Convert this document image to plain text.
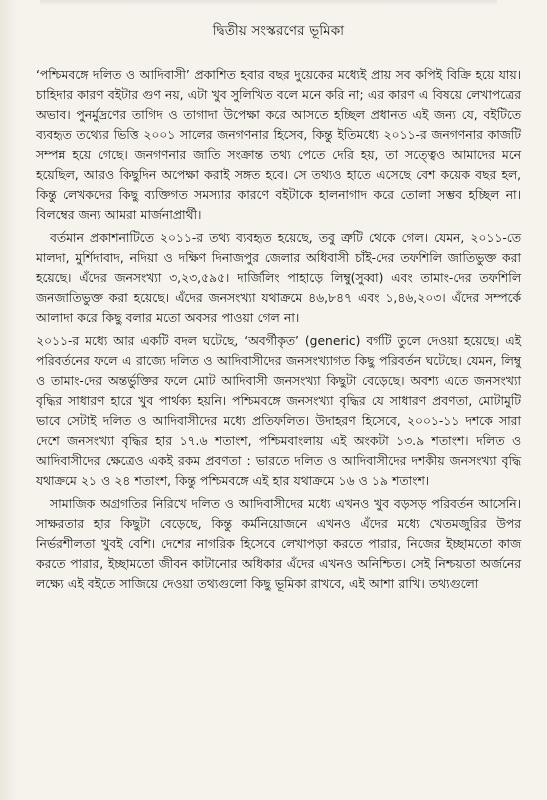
দ্বিতীয় সংস্করণের ভূমিকা

‘পশ্চিমবঙ্গে দলিত ও আদিবাসী’ প্রকাশিত হবার বছর দুয়েকের মধ্যেই প্রায় সব কপিই বিক্রি হয়ে যায়। চাহিদার কারণ বইটার গুণ নয়, এটা খুব সুলিখিত বলে মনে করি না; এর কারণ এ বিষয়ে লেখাপত্রের অভাব। পুনর্মুদ্রণের তাগিদ ও তাগাদা উপেক্ষা করে আসতে হচ্ছিল প্রধানত এই জন্য যে, বইটিতে ব্যবহৃত তথ্যের ভিত্তি ২০০১ সালের জনগণনার হিসেব, কিন্তু ইতিমধ্যে ২০১১-র জনগণনার কাজটি সম্পন্ন হয়ে গেছে। জনগণনার জাতি সংক্রান্ত তথ্য পেতে দেরি হয়, তা সত্ত্বেও আমাদের মনে হয়েছিল, আরও কিছুদিন অপেক্ষা করাই সঙ্গত হবে। সে তথ্যও হাতে এসেছে বেশ কয়েক বছর হল, কিন্তু লেখকদের কিছু ব্যক্তিগত সমস্যার কারণে বইটাকে হালনাগাদ করে তোলা সম্ভব হচ্ছিল না। বিলম্বের জন্য আমরা মার্জনাপ্রার্থী।

বর্তমান প্রকাশনাটিতে ২০১১-র তথ্য ব্যবহৃত হয়েছে, তবু ত্রুটি থেকে গেল। যেমন, ২০১১-তে মালদা, মুর্শিদাবাদ, নদিয়া ও দক্ষিণ দিনাজপুর জেলার অধিবাসী চাঁই-দের তফশিলি জাতিভুক্ত করা হয়েছে। এঁদের জনসংখ্যা ৩,২৩,৫৯৫। দার্জিলিং পাহাড়ে লিম্বু(সুব্বা) এবং তামাং-দের তফশিলি জনজাতিভুক্ত করা হয়েছে। এঁদের জনসংখ্যা যথাক্রমে ৪৬,৮৪৭ এবং ১,৪৬,২০৩। এঁদের সম্পর্কে আলাদা করে কিছু বলার মতো অবসর পাওয়া গেল না।

২০১১-র মধ্যে আর একটি বদল ঘটেছে, ‘অবর্গীকৃত’ (generic) বর্গটি তুলে দেওয়া হয়েছে। এই পরিবর্তনের ফলে এ রাজ্যে দলিত ও আদিবাসীদের জনসংখ্যাগত কিছু পরিবর্তন ঘটেছে। যেমন, লিম্বু ও তামাং-দের অন্তর্ভুক্তির ফলে মোট আদিবাসী জনসংখ্যা কিছুটা বেড়েছে। অবশ্য এতে জনসংখ্যা বৃদ্ধির সাধারণ হারে খুব পার্থক্য হয়নি। পশ্চিমবঙ্গে জনসংখ্যা বৃদ্ধির যে সাধারণ প্রবণতা, মোটামুটি ভাবে সেটাই দলিত ও আদিবাসীদের মধ্যে প্রতিফলিত। উদাহরণ হিসেবে, ২০০১-১১ দশকে সারা দেশে জনসংখ্যা বৃদ্ধির হার ১৭.৬ শতাংশ, পশ্চিমবাংলায় এই অংকটা ১৩.৯ শতাংশ। দলিত ও আদিবাসীদের ক্ষেত্রেও একই রকম প্রবণতা : ভারতে দলিত ও আদিবাসীদের দশকীয় জনসংখ্যা বৃদ্ধি যথাক্রমে ২১ ও ২৪ শতাংশ, কিন্তু পশ্চিমবঙ্গে এই হার যথাক্রমে ১৬ ও ১৯ শতাংশ।

সামাজিক অগ্রগতির নিরিখে দলিত ও আদিবাসীদের মধ্যে এখনও খুব বড়সড় পরিবর্তন আসেনি। সাক্ষরতার হার কিছুটা বেড়েছে, কিন্তু কর্মনিয়োজনে এখনও এঁদের মধ্যে খেতমজুরির উপর নির্ভরশীলতা খুবই বেশি। দেশের নাগরিক হিসেবে লেখাপড়া করতে পারার, নিজের ইচ্ছামতো কাজ করতে পারার, ইচ্ছামতো জীবন কাটানোর অধিকার এঁদের এখনও অনিশ্চিত। সেই নিশ্চয়তা অর্জনের লক্ষ্যে এই বইতে সাজিয়ে দেওয়া তথ্যগুলো কিছু ভূমিকা রাখবে, এই আশা রাখি। তথ্যগুলো
